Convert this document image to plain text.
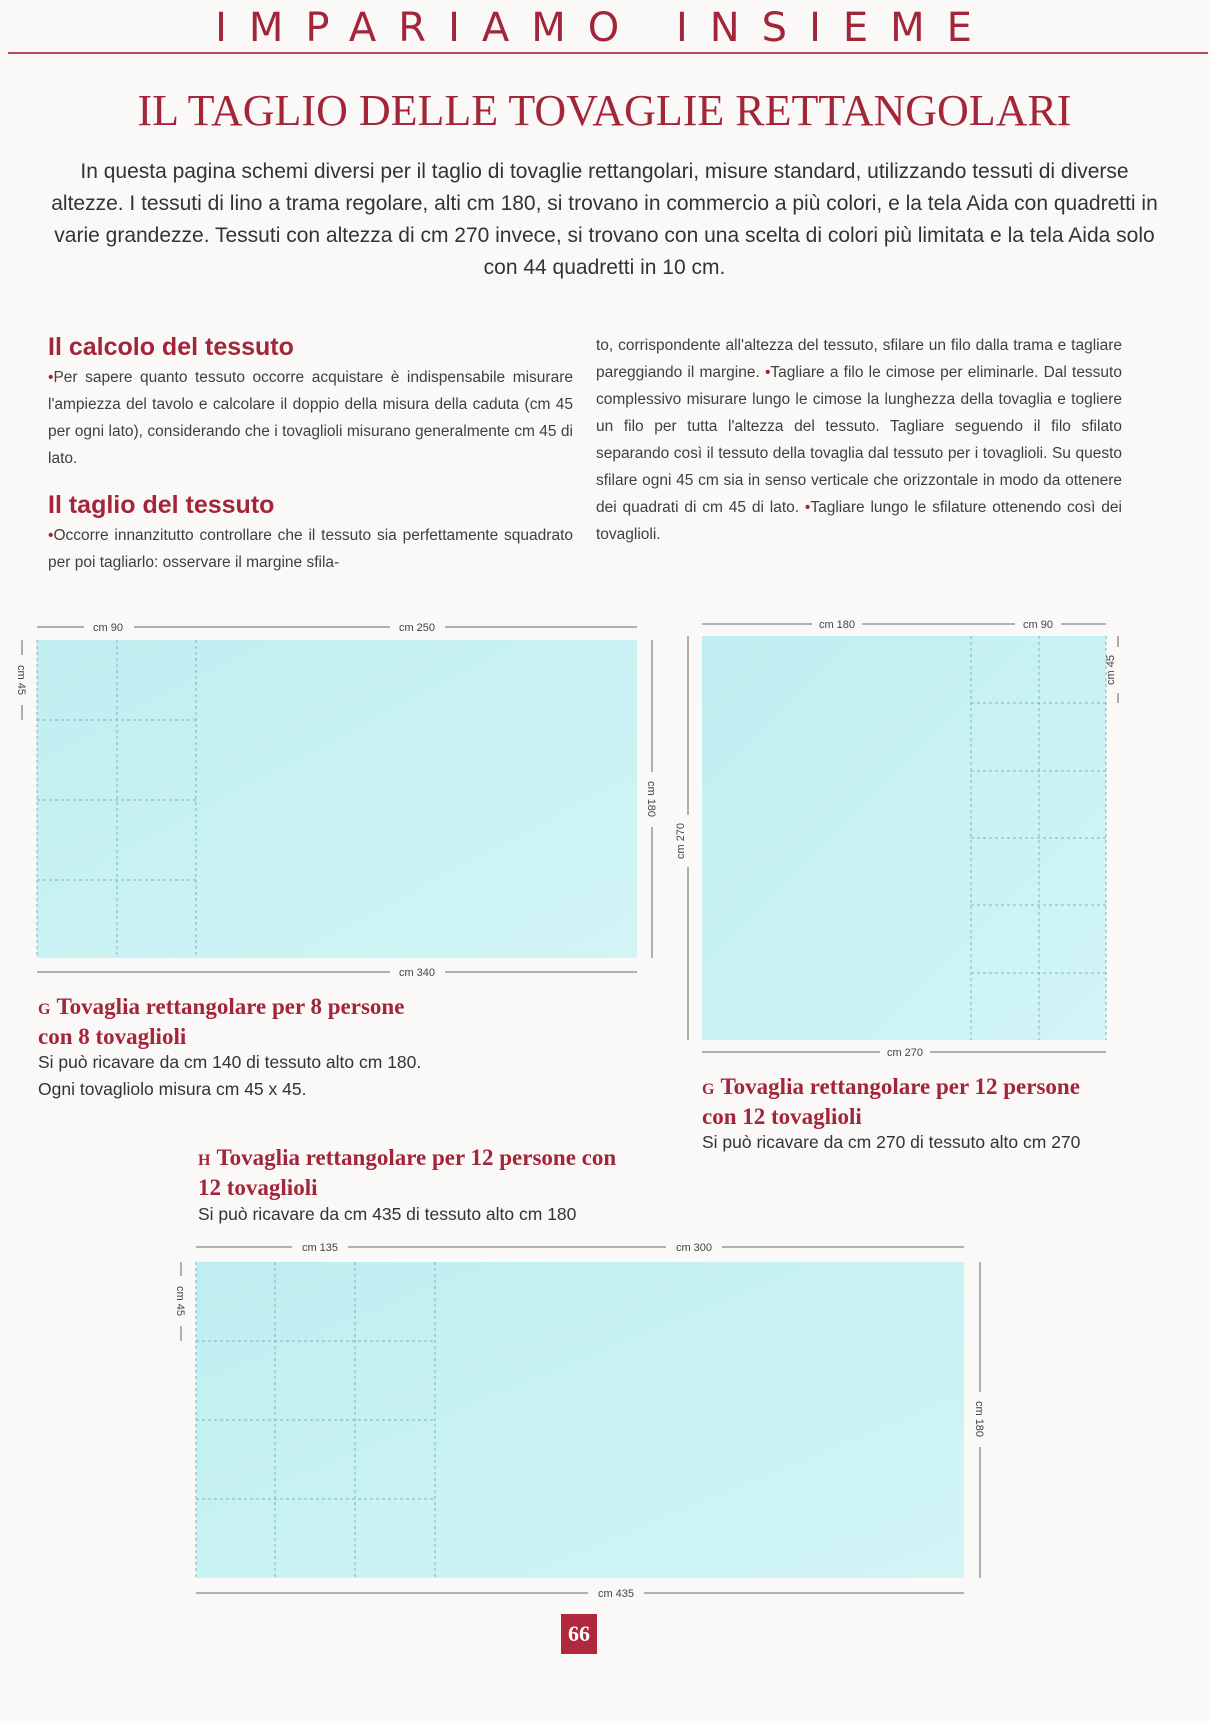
IMPARIAMO INSIEME
IL TAGLIO DELLE TOVAGLIE RETTANGOLARI

In questa pagina schemi diversi per il taglio di tovaglie rettangolari, misure standard, utilizzando tessuti di diverse altezze. I tessuti di lino a trama regolare, alti cm 180, si trovano in commercio a più colori, e la tela Aida con quadretti in varie grandezze. Tessuti con altezza di cm 270 invece, si trovano con una scelta di colori più limitata e la tela Aida solo con 44 quadretti in 10 cm.

Il calcolo del tessuto
•Per sapere quanto tessuto occorre acquistare è indispensabile misurare l'ampiezza del tavolo e calcolare il doppio della misura della caduta (cm 45 per ogni lato), considerando che i tovaglioli misurano generalmente cm 45 di lato.
Il taglio del tessuto
•Occorre innanzitutto controllare che il tessuto sia perfettamente squadrato per poi tagliarlo: osservare il margine sfila-
to, corrispondente all'altezza del tessuto, sfilare un filo dalla trama e tagliare pareggiando il margine. •Tagliare a filo le cimose per eliminarle. Dal tessuto complessivo misurare lungo le cimose la lunghezza della tovaglia e togliere un filo per tutta l'altezza del tessuto. Tagliare seguendo il filo sfilato separando così il tessuto della tovaglia dal tessuto per i tovaglioli. Su questo sfilare ogni 45 cm sia in senso verticale che orizzontale in modo da ottenere dei quadrati di cm 45 di lato. •Tagliare lungo le sfilature ottenendo così dei tovaglioli.
cm 90	cm 250
cm 340
cm 45
cm 180
cm 180	cm 90
cm 270
cm 270
cm 45
cm 135	cm 300
cm 435
cm 45
cm 180
G Tovaglia rettangolare per 8 persone con 8 tovaglioli
Si può ricavare da cm 140 di tessuto alto cm 180. Ogni tovagliolo misura cm 45 x 45.	G Tovaglia rettangolare per 12 persone con 12 tovaglioli
Si può ricavare da cm 270 di tessuto alto cm 270
H Tovaglia rettangolare per 12 persone con 12 tovaglioli
Si può ricavare da cm 435 di tessuto alto cm 180
66
